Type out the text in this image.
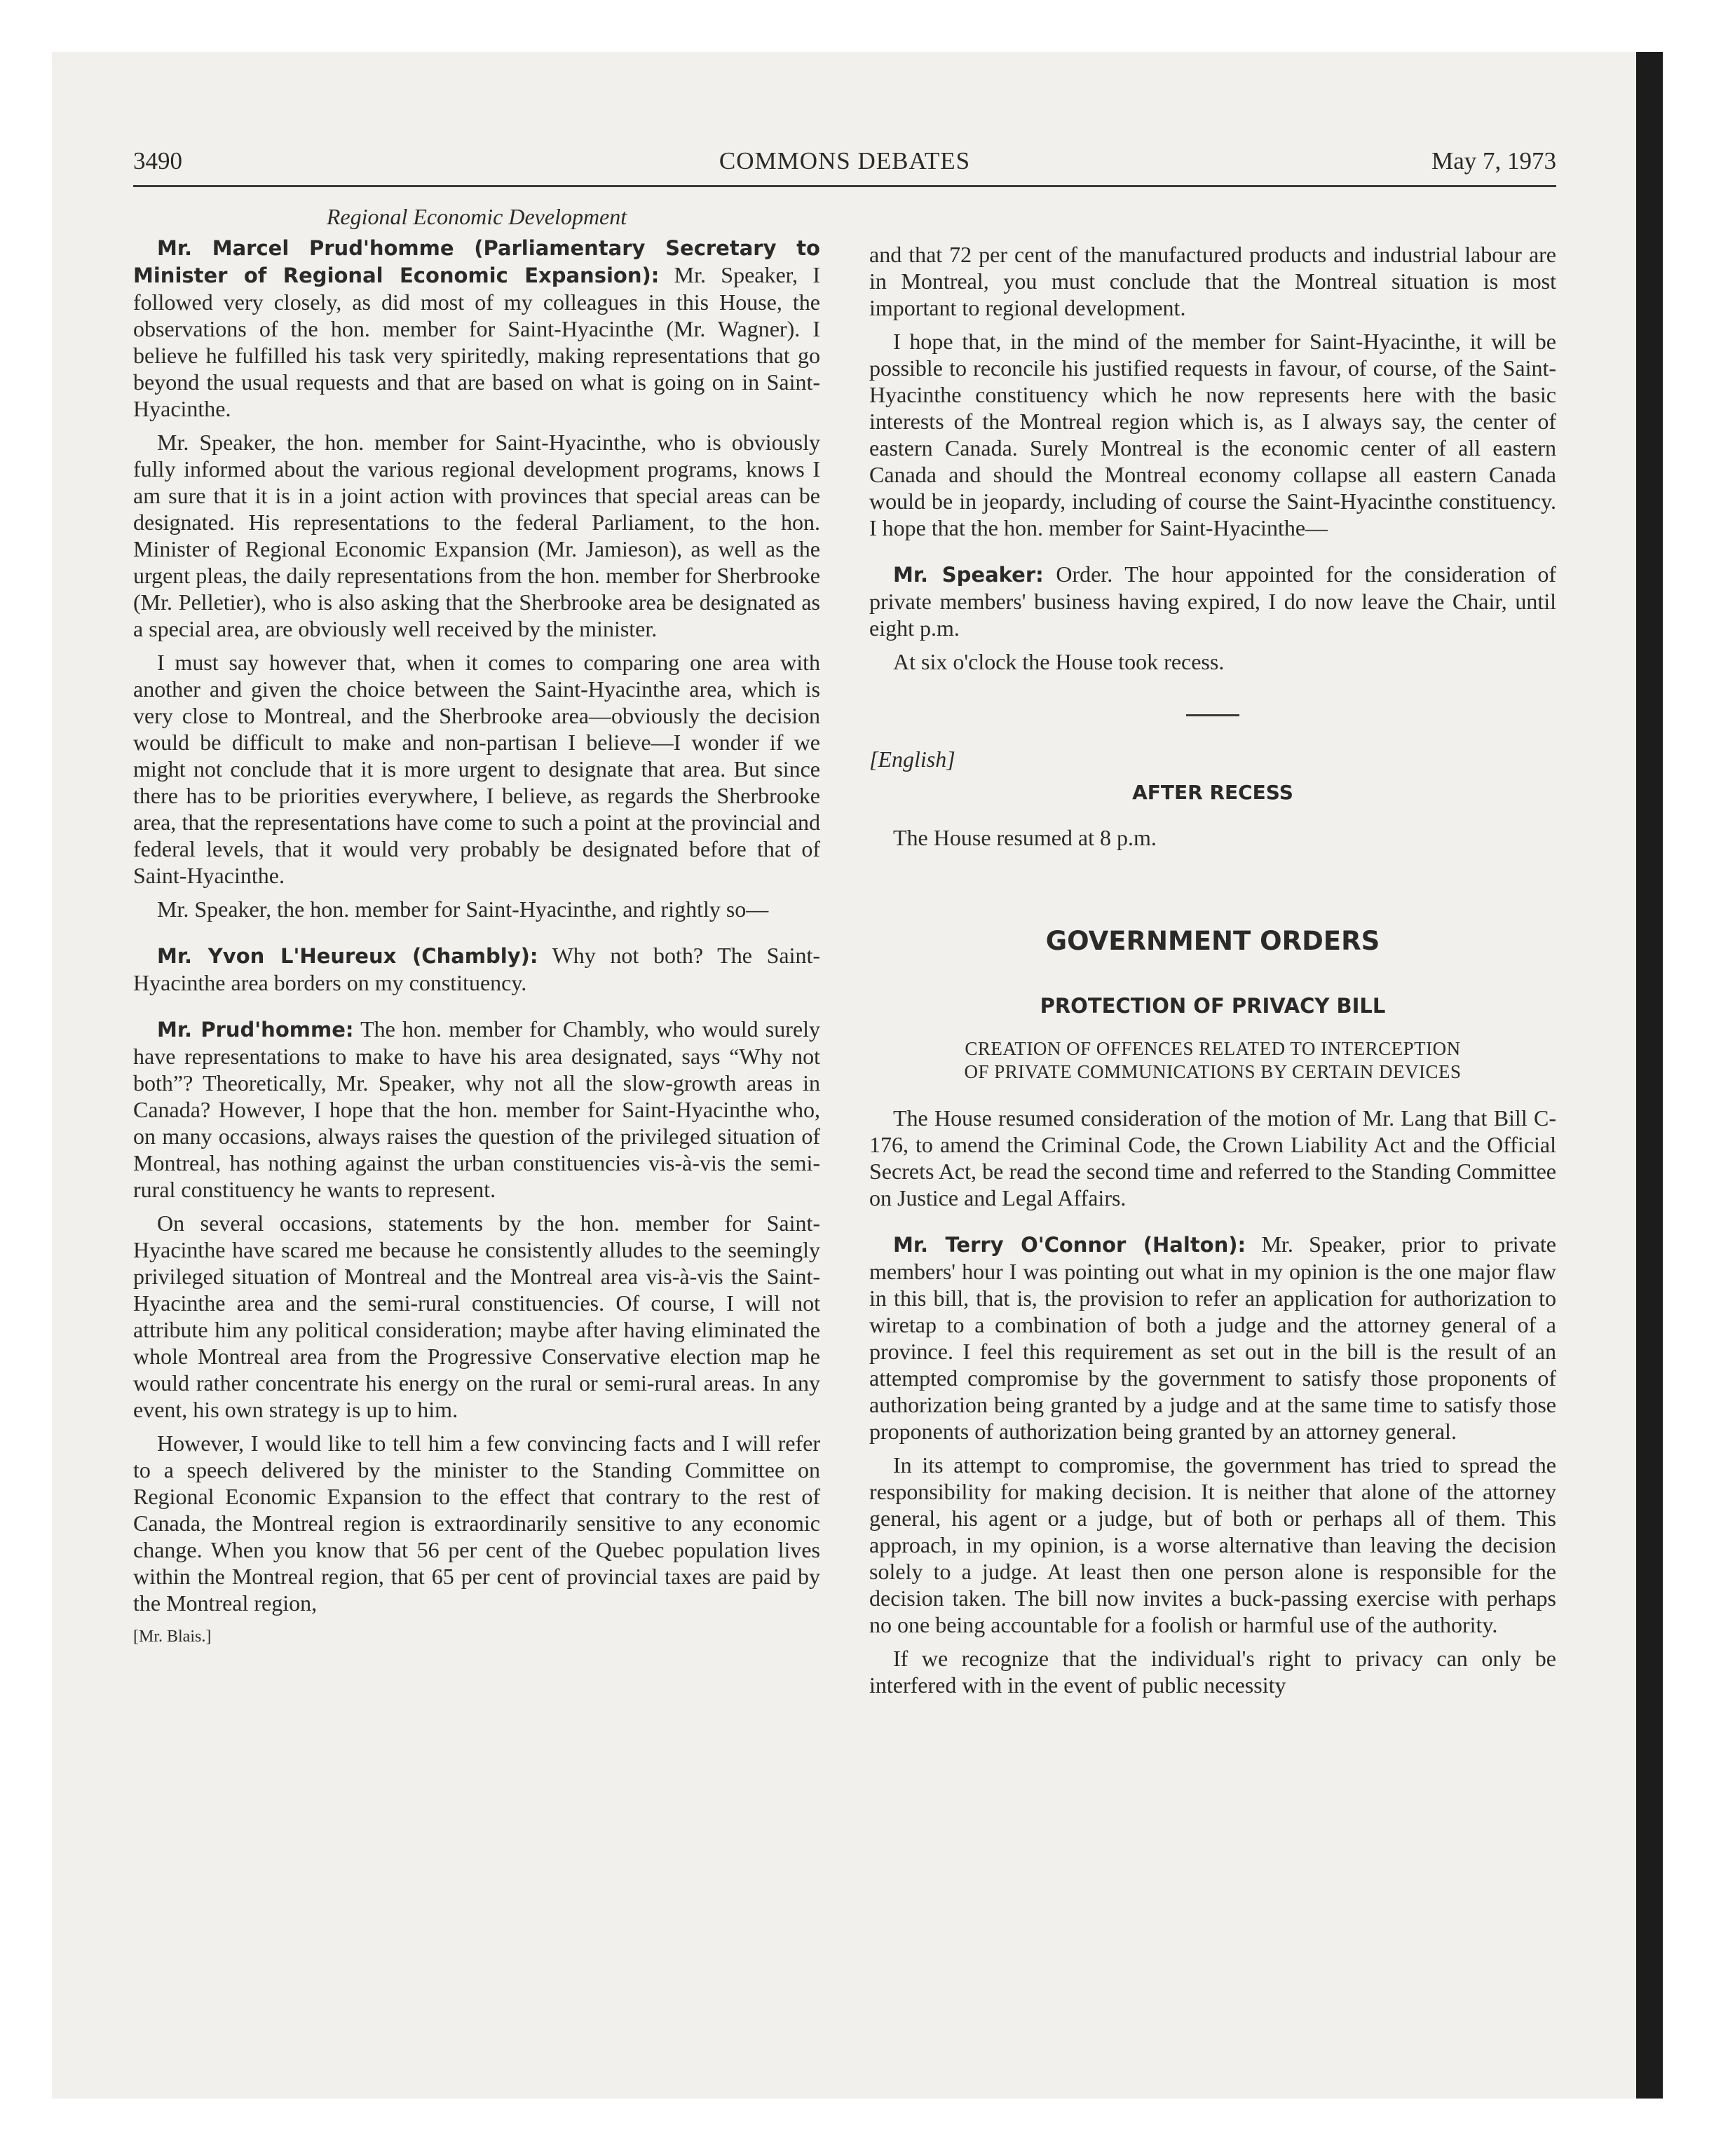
3490	COMMONS DEBATES	May 7, 1973
Regional Economic Development

Mr. Marcel Prud'homme (Parliamentary Secretary to Minister of Regional Economic Expansion): Mr. Speaker, I followed very closely, as did most of my colleagues in this House, the observations of the hon. member for Saint-Hyacinthe (Mr. Wagner). I believe he fulfilled his task very spiritedly, making representations that go beyond the usual requests and that are based on what is going on in Saint-Hyacinthe.

Mr. Speaker, the hon. member for Saint-Hyacinthe, who is obviously fully informed about the various regional development programs, knows I am sure that it is in a joint action with provinces that special areas can be designated. His representations to the federal Parliament, to the hon. Minister of Regional Economic Expansion (Mr. Jamieson), as well as the urgent pleas, the daily representations from the hon. member for Sherbrooke (Mr. Pelletier), who is also asking that the Sherbrooke area be designated as a special area, are obviously well received by the minister.

I must say however that, when it comes to comparing one area with another and given the choice between the Saint-Hyacinthe area, which is very close to Montreal, and the Sherbrooke area—obviously the decision would be difficult to make and non-partisan I believe—I wonder if we might not conclude that it is more urgent to designate that area. But since there has to be priorities everywhere, I believe, as regards the Sherbrooke area, that the representations have come to such a point at the provincial and federal levels, that it would very probably be designated before that of Saint-Hyacinthe.

Mr. Speaker, the hon. member for Saint-Hyacinthe, and rightly so—

Mr. Yvon L'Heureux (Chambly): Why not both? The Saint-Hyacinthe area borders on my constituency.

Mr. Prud'homme: The hon. member for Chambly, who would surely have representations to make to have his area designated, says “Why not both”? Theoretically, Mr. Speaker, why not all the slow-growth areas in Canada? However, I hope that the hon. member for Saint-Hyacinthe who, on many occasions, always raises the question of the privileged situation of Montreal, has nothing against the urban constituencies vis-à-vis the semi-rural constituency he wants to represent.

On several occasions, statements by the hon. member for Saint-Hyacinthe have scared me because he consistently alludes to the seemingly privileged situation of Montreal and the Montreal area vis-à-vis the Saint-Hyacinthe area and the semi-rural constituencies. Of course, I will not attribute him any political consideration; maybe after having eliminated the whole Montreal area from the Progressive Conservative election map he would rather concentrate his energy on the rural or semi-rural areas. In any event, his own strategy is up to him.

However, I would like to tell him a few convincing facts and I will refer to a speech delivered by the minister to the Standing Committee on Regional Economic Expansion to the effect that contrary to the rest of Canada, the Montreal region is extraordinarily sensitive to any economic change. When you know that 56 per cent of the Quebec population lives within the Montreal region, that 65 per cent of provincial taxes are paid by the Montreal region,

[Mr. Blais.]

and that 72 per cent of the manufactured products and industrial labour are in Montreal, you must conclude that the Montreal situation is most important to regional development.

I hope that, in the mind of the member for Saint-Hyacinthe, it will be possible to reconcile his justified requests in favour, of course, of the Saint-Hyacinthe constituency which he now represents here with the basic interests of the Montreal region which is, as I always say, the center of eastern Canada. Surely Montreal is the economic center of all eastern Canada and should the Montreal economy collapse all eastern Canada would be in jeopardy, including of course the Saint-Hyacinthe constituency. I hope that the hon. member for Saint-Hyacinthe—

Mr. Speaker: Order. The hour appointed for the consideration of private members' business having expired, I do now leave the Chair, until eight p.m.

At six o'clock the House took recess.

[English]
AFTER RECESS

The House resumed at 8 p.m.

GOVERNMENT ORDERS
PROTECTION OF PRIVACY BILL
CREATION OF OFFENCES RELATED TO INTERCEPTION
OF PRIVATE COMMUNICATIONS BY CERTAIN DEVICES

The House resumed consideration of the motion of Mr. Lang that Bill C-176, to amend the Criminal Code, the Crown Liability Act and the Official Secrets Act, be read the second time and referred to the Standing Committee on Justice and Legal Affairs.

Mr. Terry O'Connor (Halton): Mr. Speaker, prior to private members' hour I was pointing out what in my opinion is the one major flaw in this bill, that is, the provision to refer an application for authorization to wiretap to a combination of both a judge and the attorney general of a province. I feel this requirement as set out in the bill is the result of an attempted compromise by the government to satisfy those proponents of authorization being granted by a judge and at the same time to satisfy those proponents of authorization being granted by an attorney general.

In its attempt to compromise, the government has tried to spread the responsibility for making decision. It is neither that alone of the attorney general, his agent or a judge, but of both or perhaps all of them. This approach, in my opinion, is a worse alternative than leaving the decision solely to a judge. At least then one person alone is responsible for the decision taken. The bill now invites a buck-passing exercise with perhaps no one being accountable for a foolish or harmful use of the authority.

If we recognize that the individual's right to privacy can only be interfered with in the event of public necessity
